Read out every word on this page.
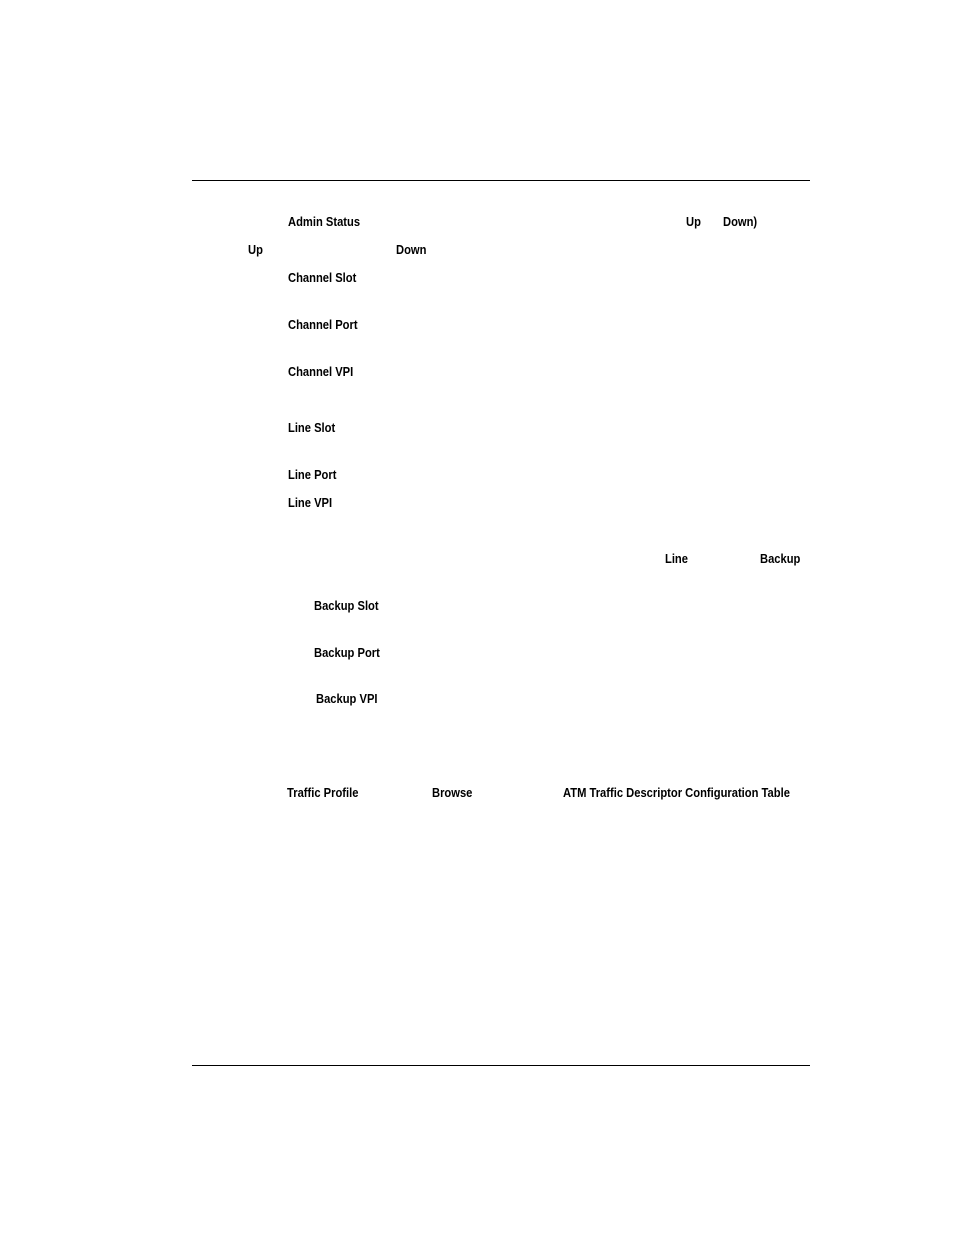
Admin Status	Up Down)
Up	Down
Channel Slot
Channel Port
Channel VPI
Line Slot
Line Port
Line VPI
Line	Backup
Backup Slot
Backup Port
Backup VPI
Traffic Profile	Browse	ATM Traffic Descriptor Configuration Table
